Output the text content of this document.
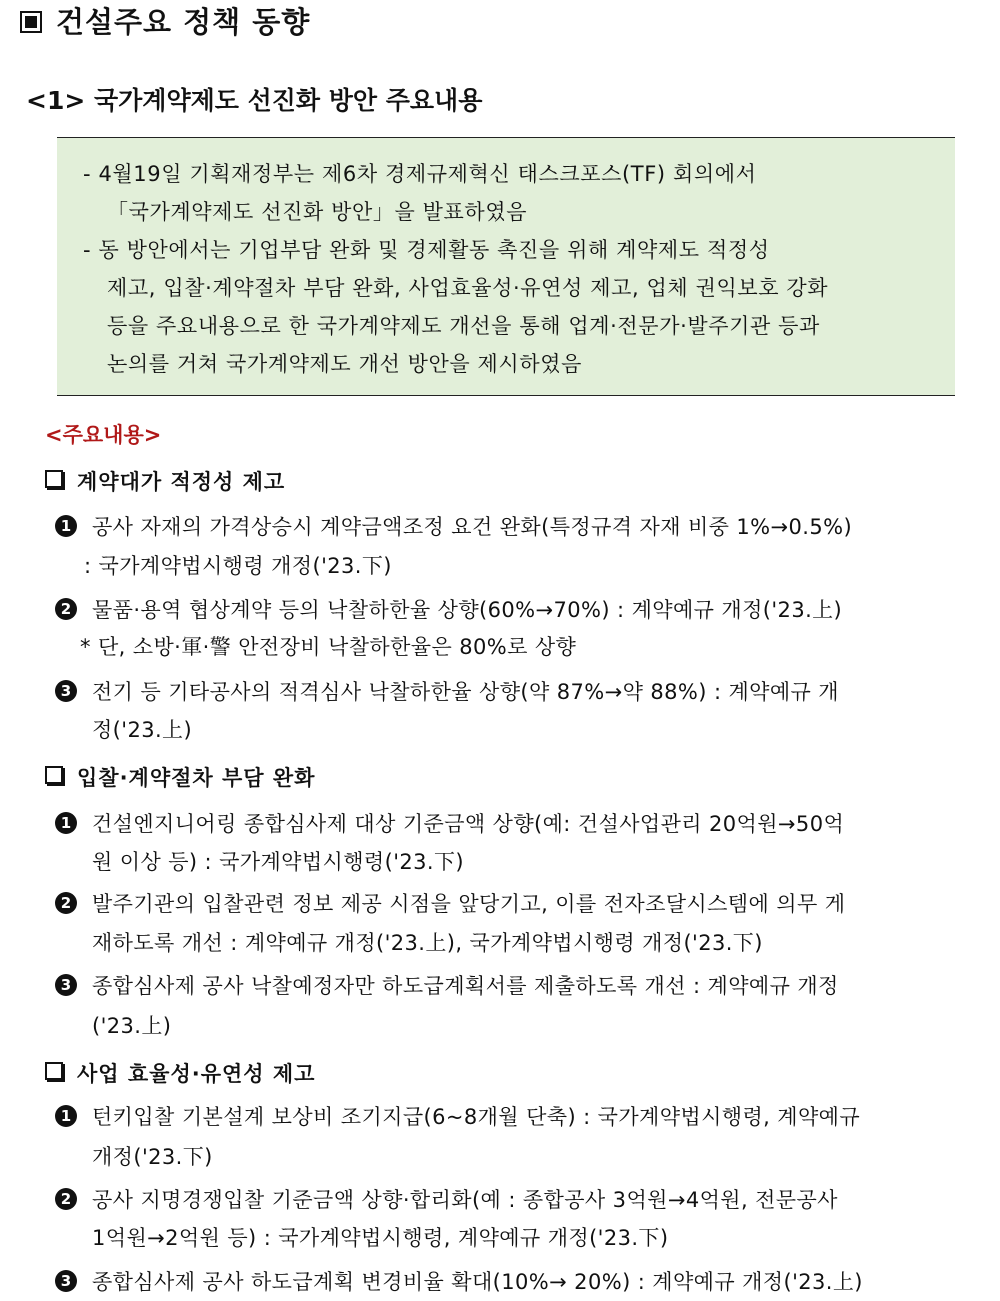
건설주요 정책 동향
<1> 국가계약제도 선진화 방안 주요내용
- 4월19일 기획재정부는 제6차 경제규제혁신 태스크포스(TF) 회의에서
「국가계약제도 선진화 방안」을 발표하였음
- 동 방안에서는 기업부담 완화 및 경제활동 촉진을 위해 계약제도 적정성
제고, 입찰·계약절차 부담 완화, 사업효율성·유연성 제고, 업체 권익보호 강화
등을 주요내용으로 한 국가계약제도 개선을 통해 업계·전문가·발주기관 등과
논의를 거쳐 국가계약제도 개선 방안을 제시하였음
<주요내용>
계약대가 적정성 제고
1 공사 자재의 가격상승시 계약금액조정 요건 완화(특정규격 자재 비중 1%→0.5%)
: 국가계약법시행령 개정('23.下)
2 물품·용역 협상계약 등의 낙찰하한율 상향(60%→70%) : 계약예규 개정('23.上)
* 단, 소방·軍·警 안전장비 낙찰하한율은 80%로 상향
3 전기 등 기타공사의 적격심사 낙찰하한율 상향(약 87%→약 88%) : 계약예규 개
정('23.上)
입찰·계약절차 부담 완화
1 건설엔지니어링 종합심사제 대상 기준금액 상향(예: 건설사업관리 20억원→50억
원 이상 등) : 국가계약법시행령('23.下)
2 발주기관의 입찰관련 정보 제공 시점을 앞당기고, 이를 전자조달시스템에 의무 게
재하도록 개선 : 계약예규 개정('23.上), 국가계약법시행령 개정('23.下)
3 종합심사제 공사 낙찰예정자만 하도급계획서를 제출하도록 개선 : 계약예규 개정
('23.上)
사업 효율성·유연성 제고
1 턴키입찰 기본설계 보상비 조기지급(6~8개월 단축) : 국가계약법시행령, 계약예규
개정('23.下)
2 공사 지명경쟁입찰 기준금액 상향·합리화(예 : 종합공사 3억원→4억원, 전문공사
1억원→2억원 등) : 국가계약법시행령, 계약예규 개정('23.下)
3 종합심사제 공사 하도급계획 변경비율 확대(10%→ 20%) : 계약예규 개정('23.上)
